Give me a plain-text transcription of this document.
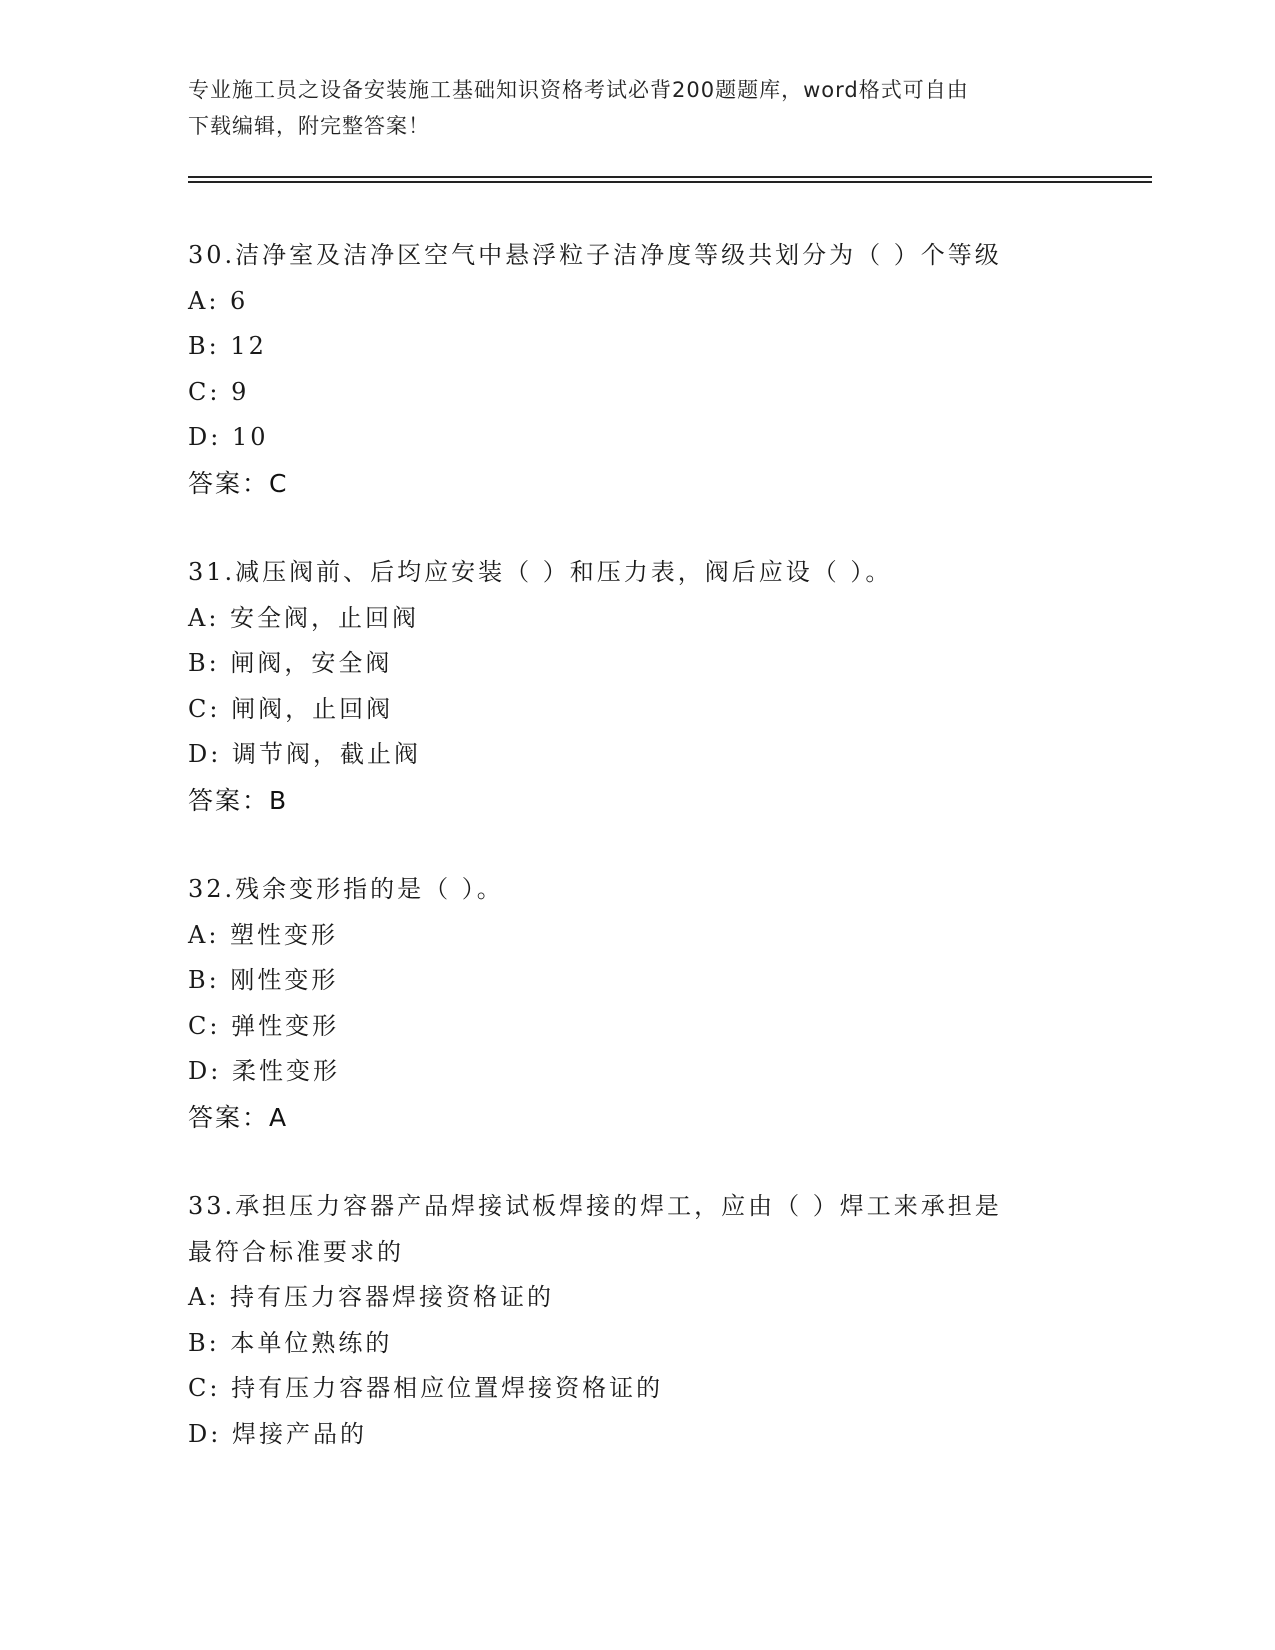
专业施工员之设备安装施工基础知识资格考试必背200题题库，word格式可自由
下载编辑，附完整答案！
30.洁净室及洁净区空气中悬浮粒子洁净度等级共划分为（ ）个等级
A: 6
B: 12
C: 9
D: 10
答案：C
31.减压阀前、后均应安装（ ）和压力表，阀后应设（ ）。
A: 安全阀，止回阀
B: 闸阀，安全阀
C: 闸阀，止回阀
D: 调节阀，截止阀
答案：B
32.残余变形指的是（ ）。
A: 塑性变形
B: 刚性变形
C: 弹性变形
D: 柔性变形
答案：A
33.承担压力容器产品焊接试板焊接的焊工，应由（ ）焊工来承担是
最符合标准要求的
A: 持有压力容器焊接资格证的
B: 本单位熟练的
C: 持有压力容器相应位置焊接资格证的
D: 焊接产品的
